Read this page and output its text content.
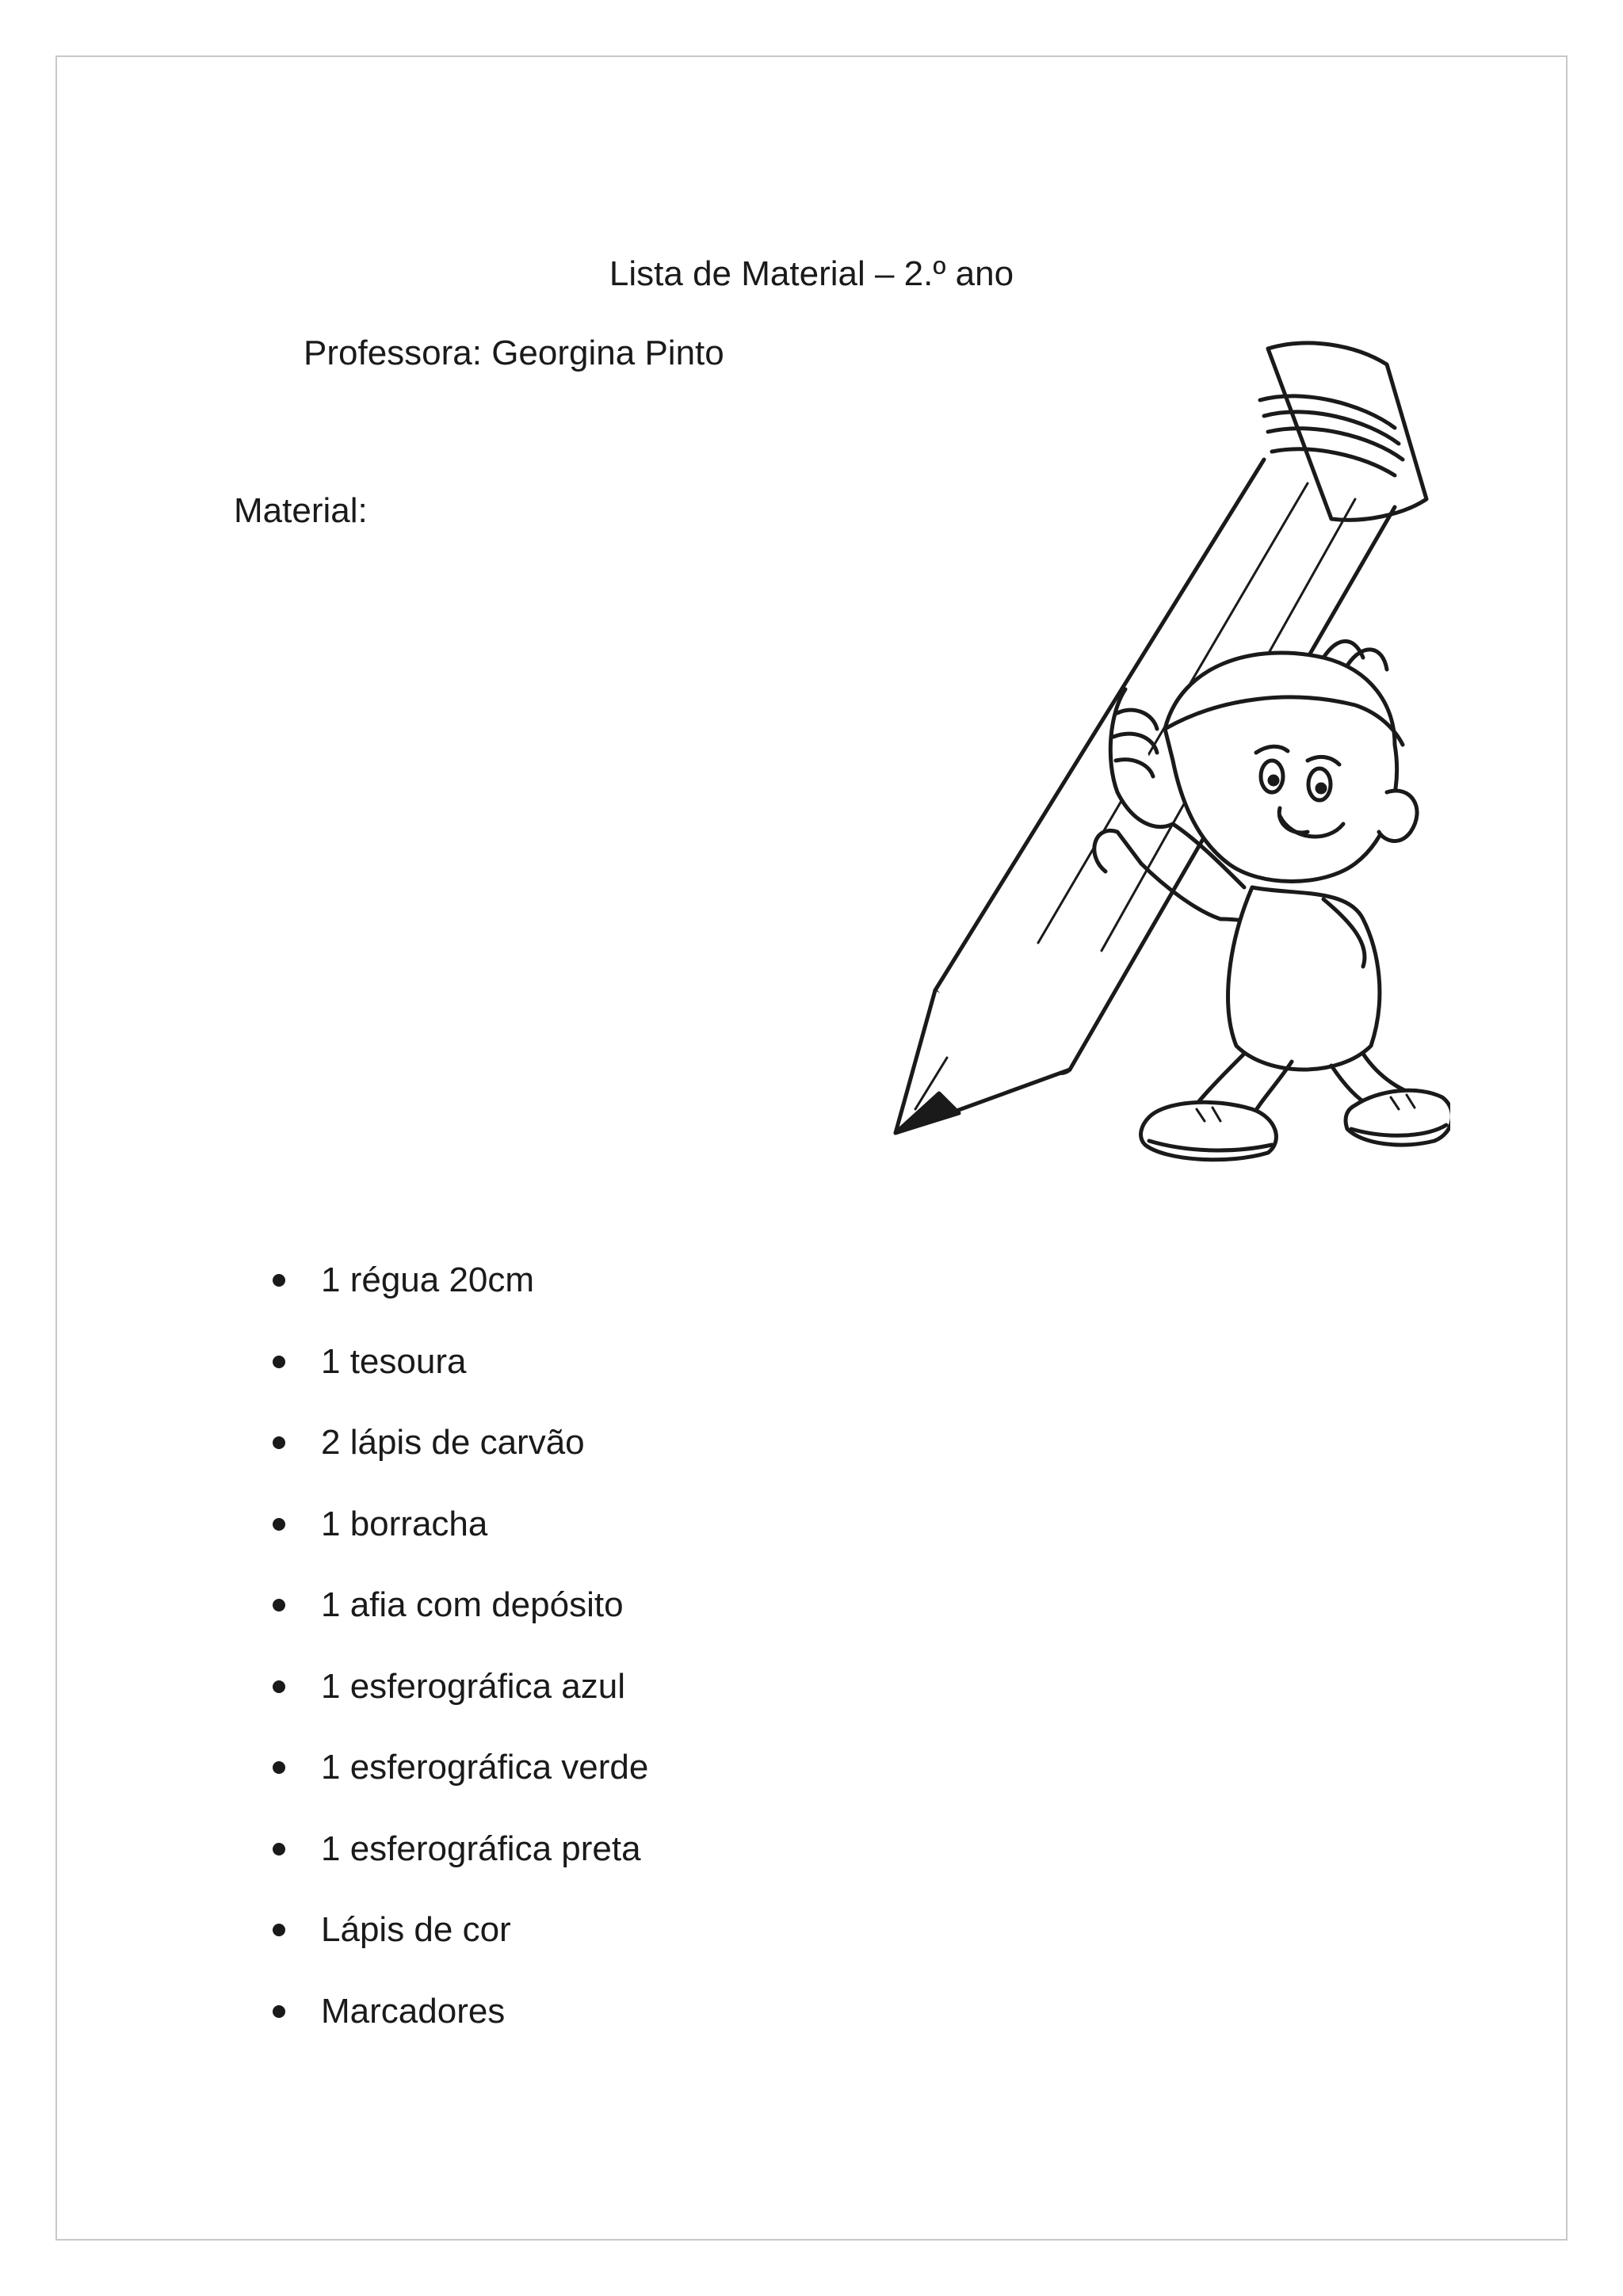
Lista de Material – 2.º ano
Professora: Georgina Pinto
Material:
1 régua 20cm
1 tesoura
2 lápis de carvão
1 borracha
1 afia com depósito
1 esferográfica azul
1 esferográfica verde
1 esferográfica preta
Lápis de cor
Marcadores
